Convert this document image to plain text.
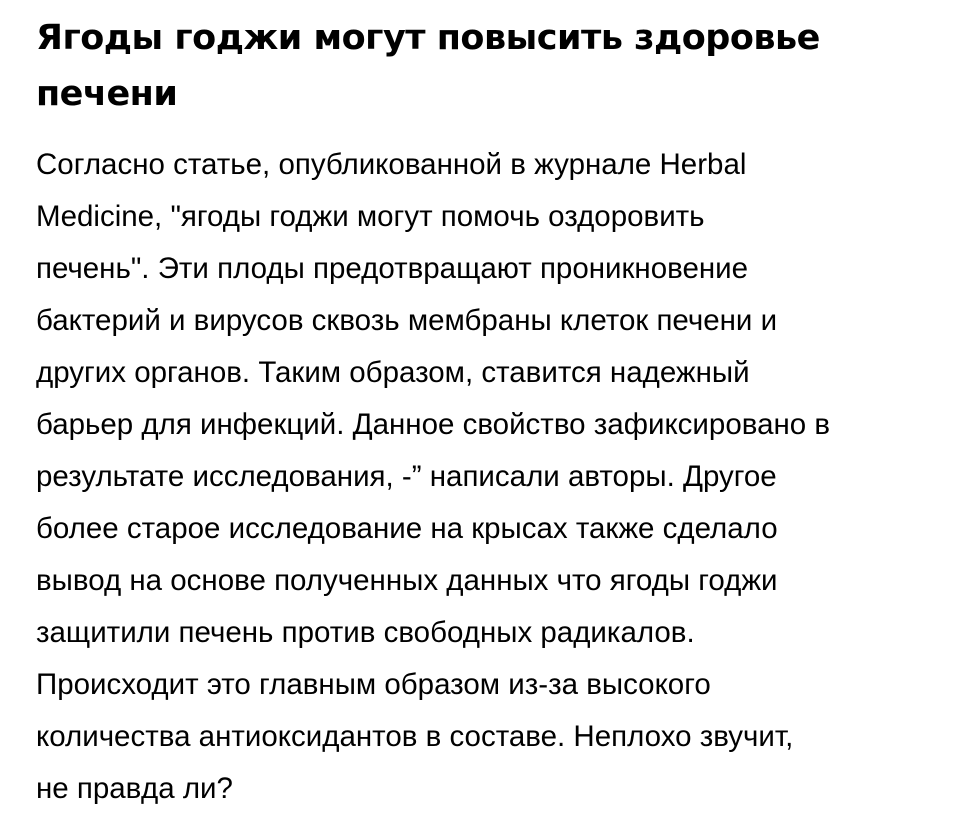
Ягоды годжи могут повысить здоровье
печени

Согласно статье, опубликованной в журнале Herbal
Medicine, "ягоды годжи могут помочь оздоровить
печень". Эти плоды предотвращают проникновение
бактерий и вирусов сквозь мембраны клеток печени и
других органов. Таким образом, ставится надежный
барьер для инфекций. Данное свойство зафиксировано в
результате исследования, -” написали авторы. Другое
более старое исследование на крысах также сделало
вывод на основе полученных данных что ягоды годжи
защитили печень против свободных радикалов.
Происходит это главным образом из-за высокого
количества антиоксидантов в составе. Неплохо звучит,
не правда ли?
